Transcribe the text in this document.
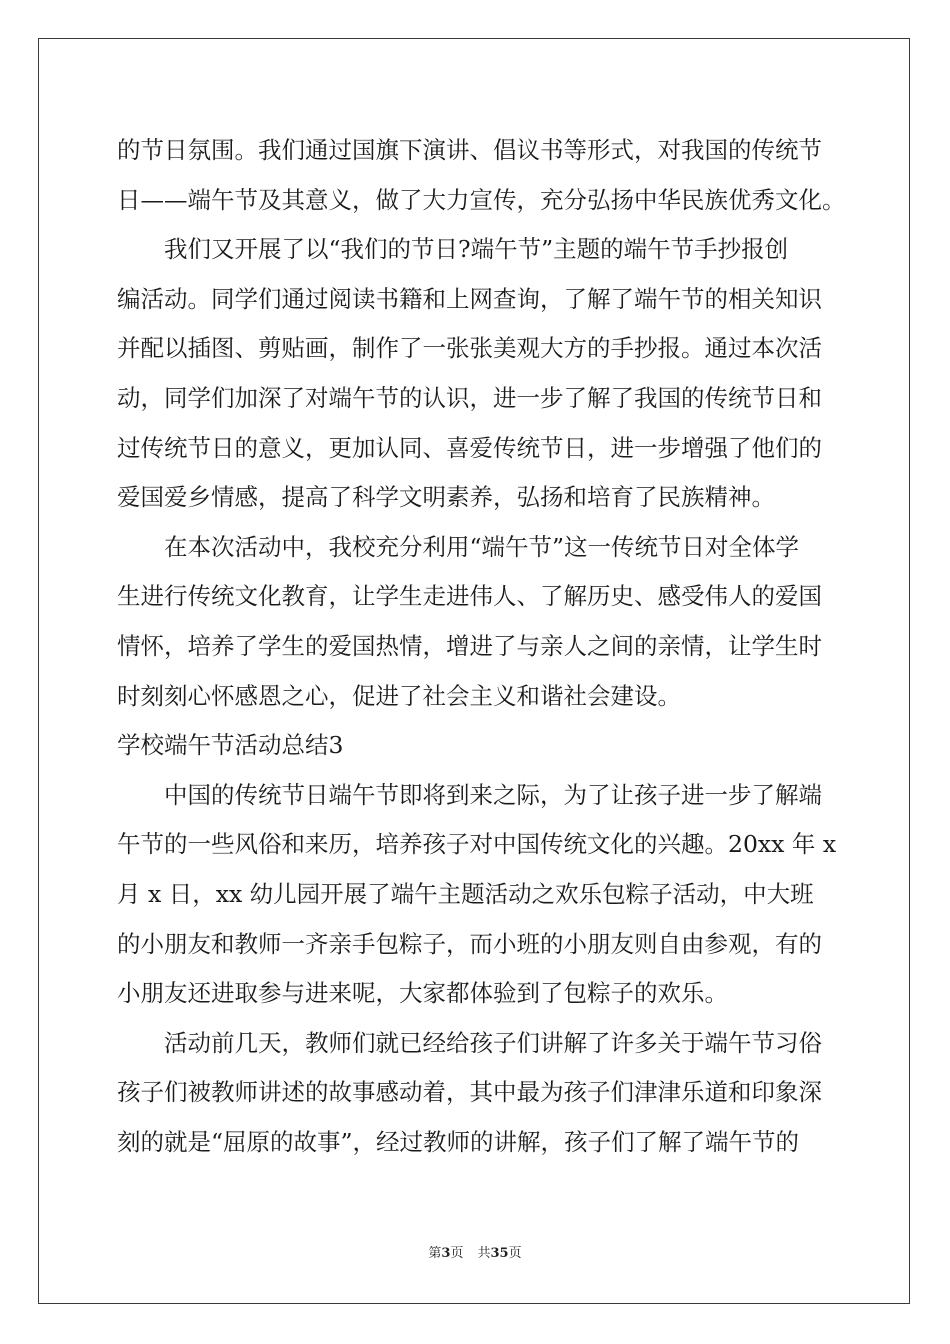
的节日氛围。我们通过国旗下演讲、倡议书等形式，对我国的传统节
日——端午节及其意义，做了大力宣传，充分弘扬中华民族优秀文化。
　　我们又开展了以“我们的节日?端午节”主题的端午节手抄报创
编活动。同学们通过阅读书籍和上网查询，了解了端午节的相关知识
并配以插图、剪贴画，制作了一张张美观大方的手抄报。通过本次活
动，同学们加深了对端午节的认识，进一步了解了我国的传统节日和
过传统节日的意义，更加认同、喜爱传统节日，进一步增强了他们的
爱国爱乡情感，提高了科学文明素养，弘扬和培育了民族精神。
　　在本次活动中，我校充分利用“端午节”这一传统节日对全体学
生进行传统文化教育，让学生走进伟人、了解历史、感受伟人的爱国
情怀，培养了学生的爱国热情，增进了与亲人之间的亲情，让学生时
时刻刻心怀感恩之心，促进了社会主义和谐社会建设。
学校端午节活动总结3
　　中国的传统节日端午节即将到来之际，为了让孩子进一步了解端
午节的一些风俗和来历，培养孩子对中国传统文化的兴趣。20xx 年 x
月 x 日，xx 幼儿园开展了端午主题活动之欢乐包粽子活动，中大班
的小朋友和教师一齐亲手包粽子，而小班的小朋友则自由参观，有的
小朋友还进取参与进来呢，大家都体验到了包粽子的欢乐。
　　活动前几天，教师们就已经给孩子们讲解了许多关于端午节习俗
孩子们被教师讲述的故事感动着，其中最为孩子们津津乐道和印象深
刻的就是“屈原的故事”，经过教师的讲解，孩子们了解了端午节的
第3页 共35页
